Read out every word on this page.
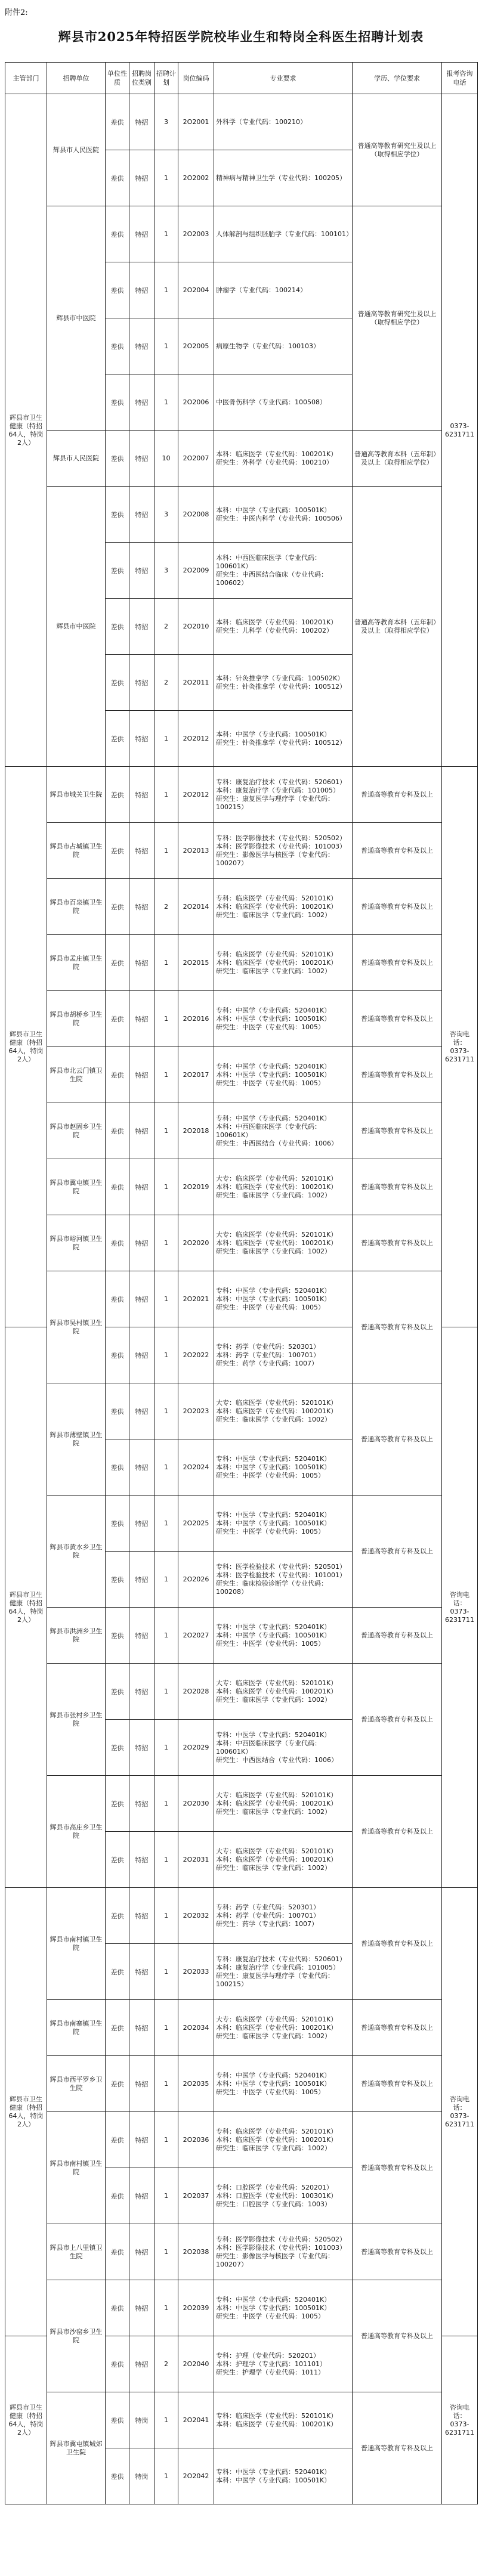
附件2:
辉县市2025年特招医学院校毕业生和特岗全科医生招聘计划表
主管部门	招聘单位	单位性质	招聘岗位类别	招聘计划	岗位编码	专业要求	学历、学位要求	报考咨询电话
辉县市卫生健康（特招64人，特岗2人）	辉县市人民医院	差供	特招	3	2O2001	外科学（专业代码：100210）	普通高等教育研究生及以上（取得相应学位）	0373-6231711
		差供	特招	1	2O2002	精神病与精神卫生学（专业代码：100205）		
	辉县市中医院	差供	特招	1	2O2003	人体解剖与组织胚胎学（专业代码：100101）	普通高等教育研究生及以上（取得相应学位）	
		差供	特招	1	2O2004	肿瘤学（专业代码：100214）		
		差供	特招	1	2O2005	病原生物学（专业代码：100103）		
		差供	特招	1	2O2006	中医骨伤科学（专业代码：100508）		
	辉县市人民医院	差供	特招	10	2O2007	本科：临床医学（专业代码：100201K）
研究生：外科学（专业代码：100210）	普通高等教育本科（五年制）及以上（取得相应学位）	
	辉县市中医院	差供	特招	3	2O2008	本科：中医学（专业代码：100501K）
研究生：中医内科学（专业代码：100506）	普通高等教育本科（五年制）及以上（取得相应学位）	
		差供	特招	3	2O2009	本科：中西医临床医学（专业代码：100601K）
研究生：中西医结合临床（专业代码：100602）		
		差供	特招	2	2O2010	本科：临床医学（专业代码：100201K）
研究生：儿科学（专业代码：100202）		
		差供	特招	2	2O2011	本科：针灸推拿学（专业代码：100502K）
研究生：针灸推拿学（专业代码：100512）		
		差供	特招	1	2O2012	本科：中医学（专业代码：100501K）
研究生：针灸推拿学（专业代码：100512）		
辉县市卫生健康（特招64人，特岗2人）	辉县市城关卫生院	差供	特招	1	2O2012	专科：康复治疗技术（专业代码：520601）
本科：康复治疗学（专业代码：101005）
研究生：康复医学与理疗学（专业代码：100215）	普通高等教育专科及以上	咨询电话：0373-6231711
	辉县市占城镇卫生院	差供	特招	1	2O2013	专科：医学影像技术（专业代码：520502）
本科：医学影像技术（专业代码：101003）
研究生：影像医学与核医学（专业代码：100207）	普通高等教育专科及以上	
	辉县市百泉镇卫生院	差供	特招	2	2O2014	专科：临床医学（专业代码：520101K）
本科：临床医学（专业代码：100201K）
研究生：临床医学（专业代码：1002）	普通高等教育专科及以上	
	辉县市孟庄镇卫生院	差供	特招	1	2O2015	专科：临床医学（专业代码：520101K）
本科：临床医学（专业代码：100201K）
研究生：临床医学（专业代码：1002）	普通高等教育专科及以上	
	辉县市胡桥乡卫生院	差供	特招	1	2O2016	专科：中医学（专业代码：520401K）
本科：中医学（专业代码：100501K）
研究生：中医学（专业代码：1005）	普通高等教育专科及以上	
	辉县市北云门镇卫生院	差供	特招	1	2O2017	专科：中医学（专业代码：520401K）
本科：中医学（专业代码：100501K）
研究生：中医学（专业代码：1005）	普通高等教育专科及以上	
	辉县市赵固乡卫生院	差供	特招	1	2O2018	专科：中医学（专业代码：520401K）
本科：中西医临床医学（专业代码：100601K）
研究生：中西医结合（专业代码：1006）	普通高等教育专科及以上	
	辉县市冀屯镇卫生院	差供	特招	1	2O2019	大专：临床医学（专业代码：520101K）
本科：临床医学（专业代码：100201K）
研究生：临床医学（专业代码：1002）	普通高等教育专科及以上	
	辉县市峪河镇卫生院	差供	特招	1	2O2020	大专：临床医学（专业代码：520101K）
本科：临床医学（专业代码：100201K）
研究生：临床医学（专业代码：1002）	普通高等教育专科及以上	
	辉县市吴村镇卫生院	差供	特招	1	2O2021	专科：中医学（专业代码：520401K）
本科：中医学（专业代码：100501K）
研究生：中医学（专业代码：1005）	普通高等教育专科及以上	
辉县市卫生健康（特招64人，特岗2人）		差供	特招	1	2O2022	专科：药学（专业代码：520301）
本科：药学（专业代码：100701）
研究生：药学（专业代码：1007）		咨询电话：0373-6231711
	辉县市薄壁镇卫生院	差供	特招	1	2O2023	大专：临床医学（专业代码：520101K）
本科：临床医学（专业代码：100201K）
研究生：临床医学（专业代码：1002）	普通高等教育专科及以上	
		差供	特招	1	2O2024	专科：中医学（专业代码：520401K）
本科：中医学（专业代码：100501K）
研究生：中医学（专业代码：1005）		
	辉县市黄水乡卫生院	差供	特招	1	2O2025	专科：中医学（专业代码：520401K）
本科：中医学（专业代码：100501K）
研究生：中医学（专业代码：1005）	普通高等教育专科及以上	
		差供	特招	1	2O2026	专科：医学检验技术（专业代码：520501）
本科：医学检验技术（专业代码：101001）
研究生：临床检验诊断学（专业代码：100208）		
	辉县市洪洲乡卫生院	差供	特招	1	2O2027	专科：中医学（专业代码：520401K）
本科：中医学（专业代码：100501K）
研究生：中医学（专业代码：1005）	普通高等教育专科及以上	
	辉县市张村乡卫生院	差供	特招	1	2O2028	大专：临床医学（专业代码：520101K）
本科：临床医学（专业代码：100201K）
研究生：临床医学（专业代码：1002）	普通高等教育专科及以上	
		差供	特招	1	2O2029	专科：中医学（专业代码：520401K）
本科：中西医临床医学（专业代码：100601K）
研究生：中西医结合（专业代码：1006）		
	辉县市高庄乡卫生院	差供	特招	1	2O2030	大专：临床医学（专业代码：520101K）
本科：临床医学（专业代码：100201K）
研究生：临床医学（专业代码：1002）	普通高等教育专科及以上	
		差供	特招	1	2O2031	大专：临床医学（专业代码：520101K）
本科：临床医学（专业代码：100201K）
研究生：临床医学（专业代码：1002）		
辉县市卫生健康（特招64人，特岗2人）	辉县市南村镇卫生院	差供	特招	1	2O2032	专科：药学（专业代码：520301）
本科：药学（专业代码：100701）
研究生：药学（专业代码：1007）	普通高等教育专科及以上	咨询电话：0373-6231711
		差供	特招	1	2O2033	专科：康复治疗技术（专业代码：520601）
本科：康复治疗学（专业代码：101005）
研究生：康复医学与理疗学（专业代码：100215）		
	辉县市南寨镇卫生院	差供	特招	1	2O2034	大专：临床医学（专业代码：520101K）
本科：临床医学（专业代码：100201K）
研究生：临床医学（专业代码：1002）	普通高等教育专科及以上	
	辉县市西平罗乡卫生院	差供	特招	1	2O2035	专科：中医学（专业代码：520401K）
本科：中医学（专业代码：100501K）
研究生：中医学（专业代码：1005）	普通高等教育专科及以上	
	辉县市南村镇卫生院	差供	特招	1	2O2036	专科：临床医学（专业代码：520101K）
本科：临床医学（专业代码：100201K）
研究生：临床医学（专业代码：1002）	普通高等教育专科及以上	
		差供	特招	1	2O2037	专科：口腔医学（专业代码：520201）
本科：口腔医学（专业代码：100301K）
研究生：口腔医学（专业代码：1003）		
	辉县市上八里镇卫生院	差供	特招	1	2O2038	专科：医学影像技术（专业代码：520502）
本科：医学影像技术（专业代码：101003）
研究生：影像医学与核医学（专业代码：100207）	普通高等教育专科及以上	
	辉县市沙窑乡卫生院	差供	特招	1	2O2039	专科：中医学（专业代码：520401K）
本科：中医学（专业代码：100501K）
研究生：中医学（专业代码：1005）	普通高等教育专科及以上	
辉县市卫生健康（特招64人，特岗2人）		差供	特招	2	2O2040	专科：护理（专业代码：520201）
本科：护理学（专业代码：101101）
研究生：护理学（专业代码：1011）		咨询电话：0373-6231711
	辉县市冀屯镇城郊卫生院	差供	特岗	1	2O2041	专科：临床医学（专业代码：520101K）
本科：临床医学（专业代码：100201K）	普通高等教育专科及以上	
		差供	特岗	1	2O2042	专科：中医学（专业代码：520401K）
本科：中医学（专业代码：100501K）		
